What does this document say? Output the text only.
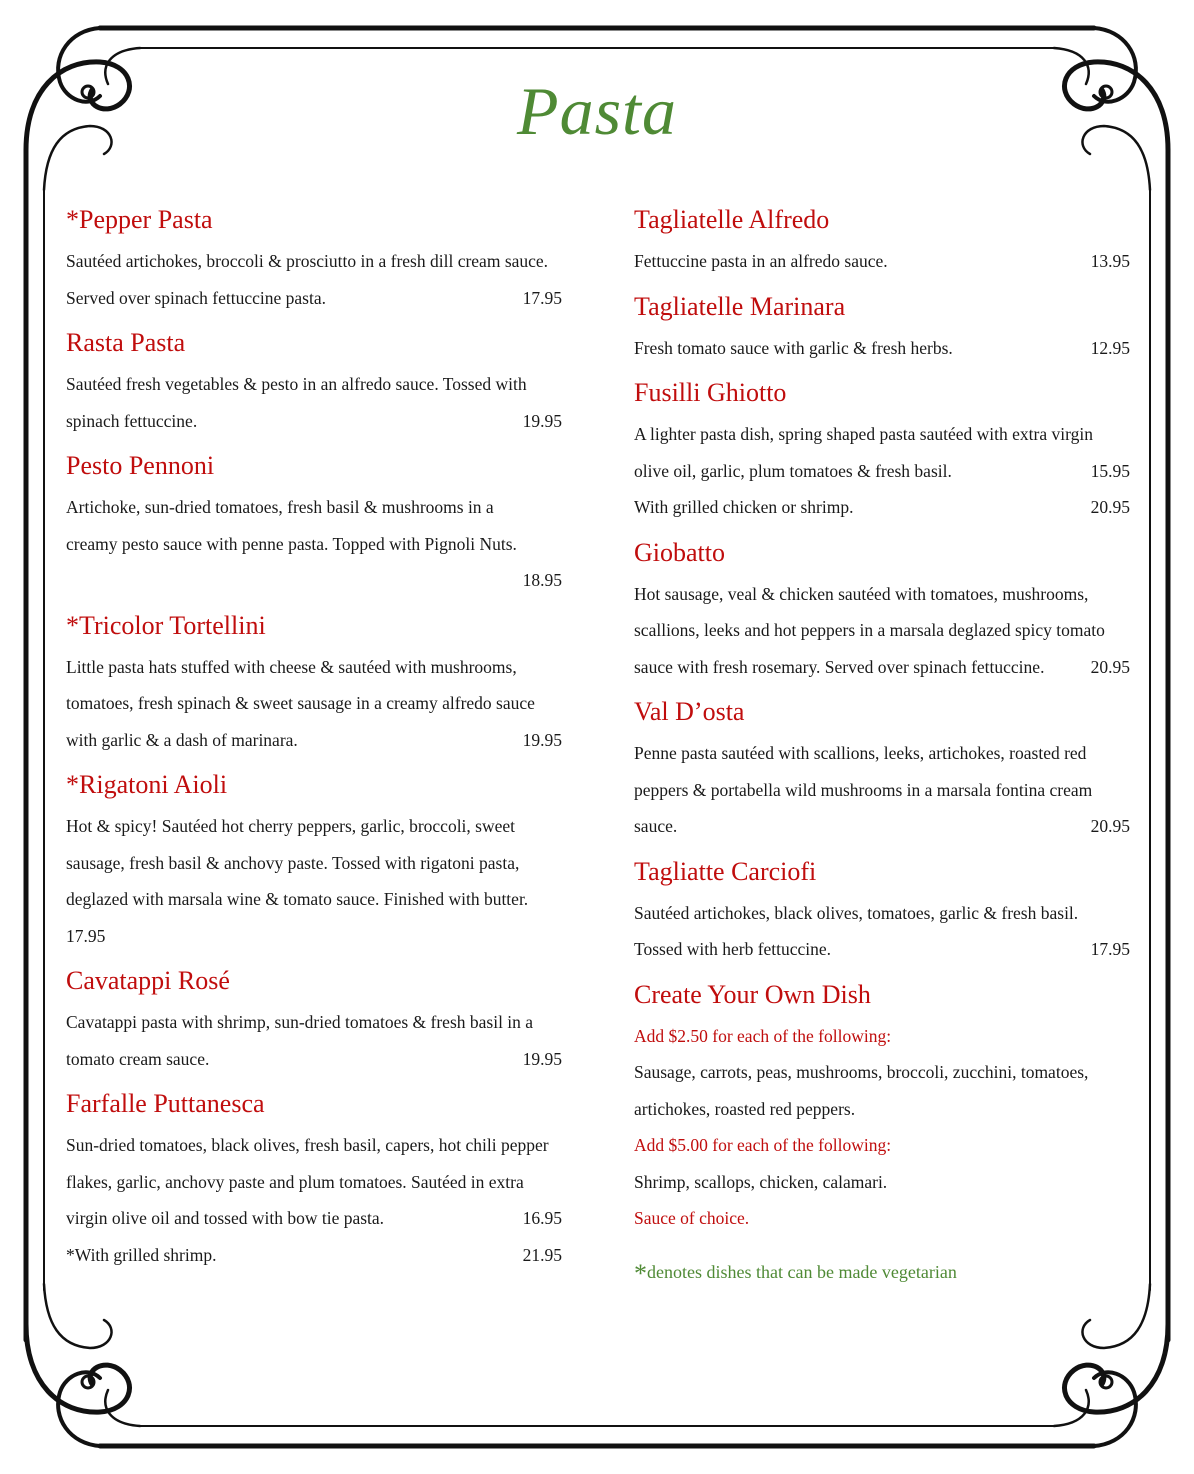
Pasta
*Pepper Pasta
Sautéed artichokes, broccoli & prosciutto in a fresh dill cream sauce.
Served over spinach fettuccine pasta.	17.95
Rasta Pasta
Sautéed fresh vegetables & pesto in an alfredo sauce. Tossed with
spinach fettuccine.	19.95
Pesto Pennoni
Artichoke, sun-dried tomatoes, fresh basil & mushrooms in a
creamy pesto sauce with penne pasta. Topped with Pignoli Nuts.
18.95
*Tricolor Tortellini
Little pasta hats stuffed with cheese & sautéed with mushrooms,
tomatoes, fresh spinach & sweet sausage in a creamy alfredo sauce
with garlic & a dash of marinara.	19.95
*Rigatoni Aioli
Hot & spicy! Sautéed hot cherry peppers, garlic, broccoli, sweet
sausage, fresh basil & anchovy paste. Tossed with rigatoni pasta,
deglazed with marsala wine & tomato sauce. Finished with butter.
17.95
Cavatappi Rosé
Cavatappi pasta with shrimp, sun-dried tomatoes & fresh basil in a
tomato cream sauce.	19.95
Farfalle Puttanesca
Sun-dried tomatoes, black olives, fresh basil, capers, hot chili pepper
flakes, garlic, anchovy paste and plum tomatoes. Sautéed in extra
virgin olive oil and tossed with bow tie pasta.	16.95
*With grilled shrimp.	21.95
Tagliatelle Alfredo
Fettuccine pasta in an alfredo sauce.	13.95
Tagliatelle Marinara
Fresh tomato sauce with garlic & fresh herbs.	12.95
Fusilli Ghiotto
A lighter pasta dish, spring shaped pasta sautéed with extra virgin
olive oil, garlic, plum tomatoes & fresh basil.	15.95
With grilled chicken or shrimp.	20.95
Giobatto
Hot sausage, veal & chicken sautéed with tomatoes, mushrooms,
scallions, leeks and hot peppers in a marsala deglazed spicy tomato
sauce with fresh rosemary. Served over spinach fettuccine.	20.95
Val D’osta
Penne pasta sautéed with scallions, leeks, artichokes, roasted red
peppers & portabella wild mushrooms in a marsala fontina cream
sauce.	20.95
Tagliatte Carciofi
Sautéed artichokes, black olives, tomatoes, garlic & fresh basil.
Tossed with herb fettuccine.	17.95
Create Your Own Dish
Add $2.50 for each of the following:
Sausage, carrots, peas, mushrooms, broccoli, zucchini, tomatoes,
artichokes, roasted red peppers.
Add $5.00 for each of the following:
Shrimp, scallops, chicken, calamari.
Sauce of choice.
*denotes dishes that can be made vegetarian
